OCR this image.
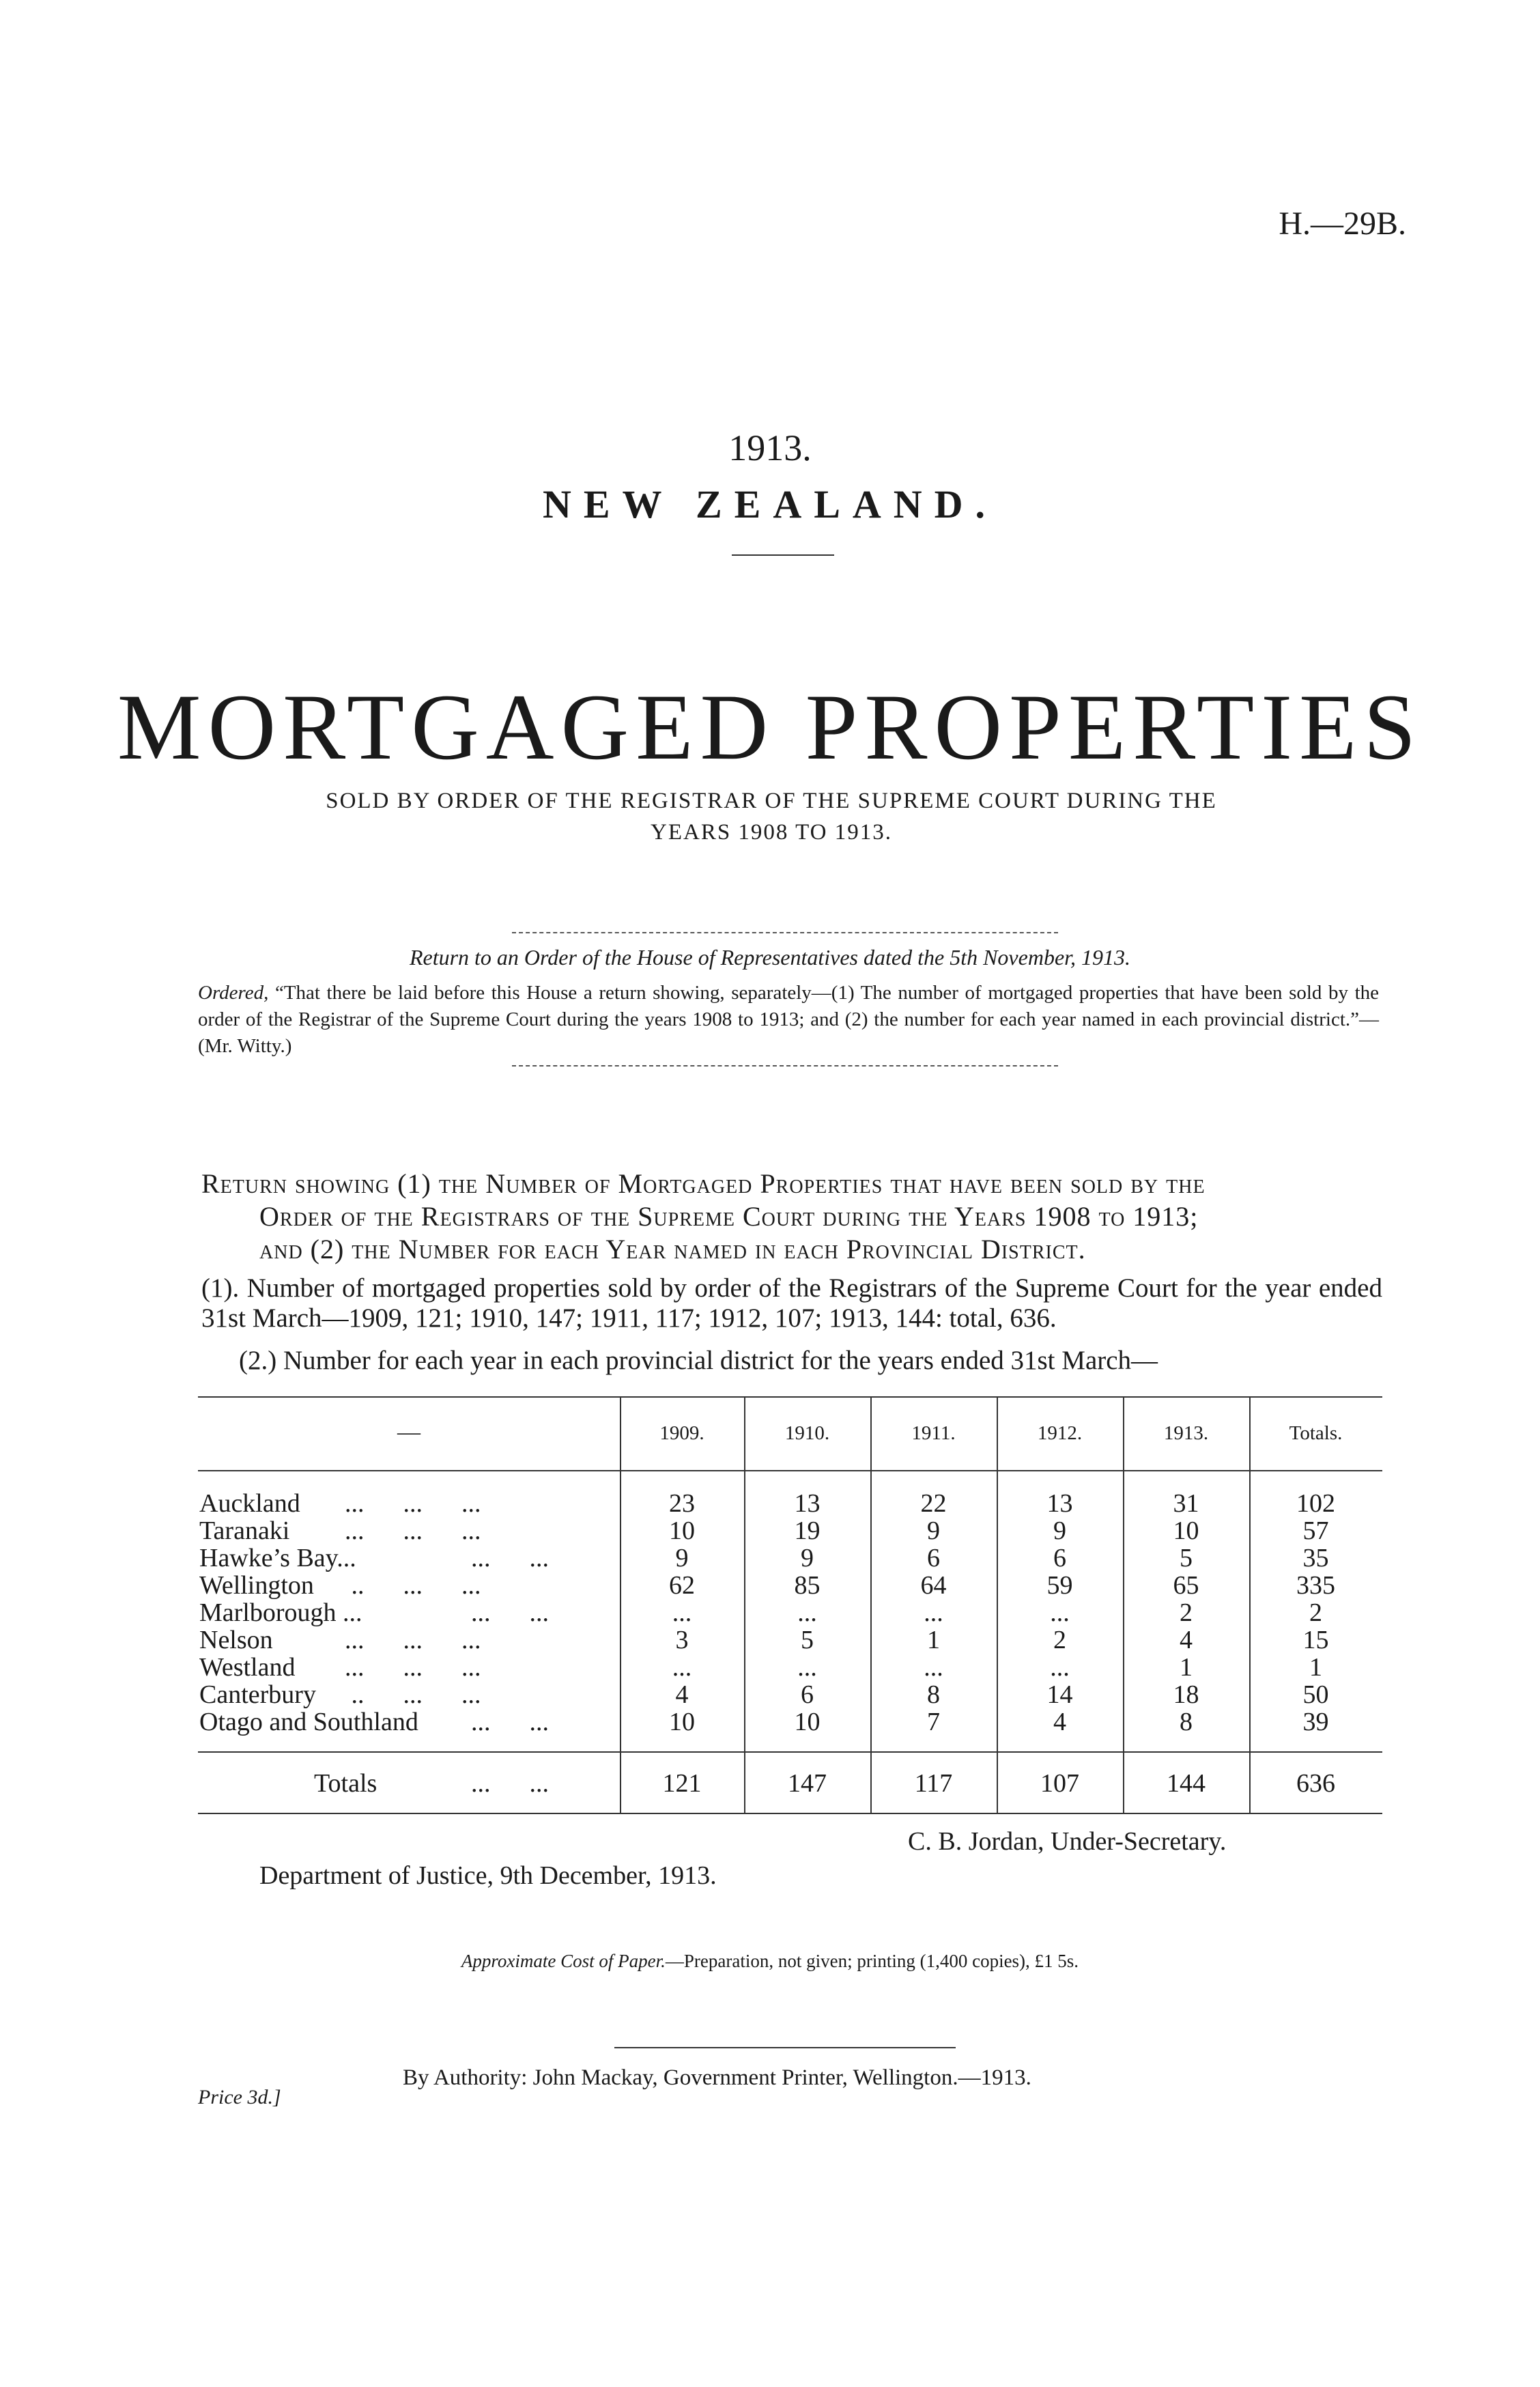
H.—29B.
1913.
NEW ZEALAND.
MORTGAGED PROPERTIES
SOLD BY ORDER OF THE REGISTRAR OF THE SUPREME COURT DURING THE
YEARS 1908 TO 1913.
Return to an Order of the House of Representatives dated the 5th November, 1913.
Ordered, “That there be laid before this House a return showing, separately—(1) The number of mortgaged properties that have been sold by the order of the Registrar of the Supreme Court during the years 1908 to 1913; and (2) the number for each year named in each provincial district.”—(Mr. Witty.)
Return showing (1) the Number of Mortgaged Properties that have been sold by the
Order of the Registrars of the Supreme Court during the Years 1908 to 1913;
and (2) the Number for each Year named in each Provincial District.
(1). Number of mortgaged properties sold by order of the Registrars of the Supreme Court for the year ended 31st March—1909, 121; 1910, 147; 1911, 117; 1912, 107; 1913, 144: total, 636.
(2.) Number for each year in each provincial district for the years ended 31st March—
—	1909.	1910.	1911.	1912.	1913.	Totals.
Auckland	...      ...      ...	23	13	22	13	31	102
Taranaki	...      ...      ...	10	19	9	9	10	57
Hawke’s Bay...	...      ...	9	9	6	6	5	35
Wellington	..      ...      ...	62	85	64	59	65	335
Marlborough ...	...      ...	...	...	...	...	2	2
Nelson	...      ...      ...	3	5	1	2	4	15
Westland	...      ...      ...	...	...	...	...	1	1
Canterbury	..      ...      ...	4	6	8	14	18	50
Otago and Southland	...      ...	10	10	7	4	8	39
Totals	...      ...	121	147	117	107	144	636
C. B. Jordan, Under-Secretary.
Department of Justice, 9th December, 1913.
Approximate Cost of Paper.—Preparation, not given; printing (1,400 copies), £1 5s.
By Authority: John Mackay, Government Printer, Wellington.—1913.
Price 3d.]
